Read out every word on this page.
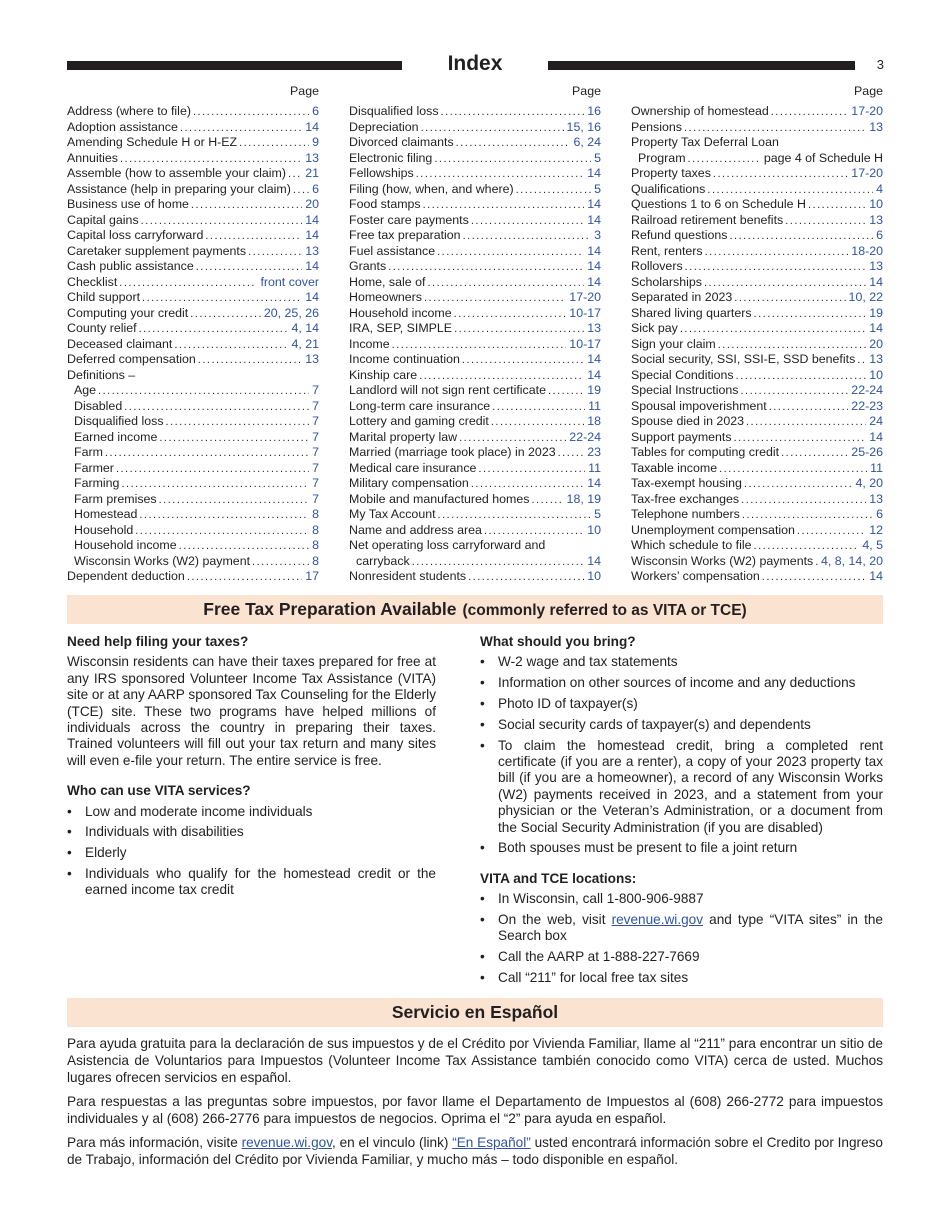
Index	3
Page
Address (where to file) .....	6
Adoption assistance .....	14
Amending Schedule H or H-EZ .....	9
Annuities .....	13
Assemble (how to assemble your claim) ..... 21
Assistance (help in preparing your claim) ..... 6
Business use of home .....	20
Capital gains .....	14
Capital loss carryforward .....	14
Caretaker supplement payments .....	13
Cash public assistance .....	14
Checklist .....	front cover
Child support .....	14
Computing your credit .....	20, 25, 26
County relief .....	4, 14
Deceased claimant .....	4, 21
Deferred compensation .....	13
Definitions –
Age .....	7
Disabled .....	7
Disqualified loss .....	7
Earned income .....	7
Farm .....	7
Farmer .....	7
Farming .....	7
Farm premises .....	7
Homestead .....	8
Household .....	8
Household income .....	8
Wisconsin Works (W2) payment .....	8
Dependent deduction .....	17
Page
Disqualified loss .....	16
Depreciation .....	15, 16
Divorced claimants .....	6, 24
Electronic filing .....	5
Fellowships .....	14
Filing (how, when, and where) .....	5
Food stamps .....	14
Foster care payments .....	14
Free tax preparation .....	3
Fuel assistance .....	14
Grants .....	14
Home, sale of .....	14
Homeowners .....	17-20
Household income .....	10-17
IRA, SEP, SIMPLE .....	13
Income .....	10-17
Income continuation .....	14
Kinship care .....	14
Landlord will not sign rent certificate .....	19
Long-term care insurance .....	11
Lottery and gaming credit .....	18
Marital property law .....	22-24
Married (marriage took place) in 2023 .....	23
Medical care insurance .....	11
Military compensation .....	14
Mobile and manufactured homes .....	18, 19
My Tax Account .....	5
Name and address area .....	10
Net operating loss carryforward and
carryback .....	14
Nonresident students .....	10
Page
Ownership of homestead .....	17-20
Pensions .....	13
Property Tax Deferral Loan
Program .....	page 4 of Schedule H
Property taxes .....	17-20
Qualifications .....	4
Questions 1 to 6 on Schedule H .....	10
Railroad retirement benefits .....	13
Refund questions .....	6
Rent, renters .....	18-20
Rollovers .....	13
Scholarships .....	14
Separated in 2023 .....	10, 22
Shared living quarters .....	19
Sick pay .....	14
Sign your claim .....	20
Social security, SSI, SSI-E, SSD benefits ..... 13
Special Conditions .....	10
Special Instructions .....	22-24
Spousal impoverishment .....	22-23
Spouse died in 2023 .....	24
Support payments .....	14
Tables for computing credit .....	25-26
Taxable income .....	11
Tax-exempt housing .....	4, 20
Tax-free exchanges .....	13
Telephone numbers .....	6
Unemployment compensation .....	12
Which schedule to file .....	4, 5
Wisconsin Works (W2) payments ..... 4, 8, 14, 20
Workers’ compensation .....	14
Free Tax Preparation Available (commonly referred to as VITA or TCE)
Need help filing your taxes?

Wisconsin residents can have their taxes prepared for free at any IRS sponsored Volunteer Income Tax Assistance (VITA) site or at any AARP sponsored Tax Counseling for the Elderly (TCE) site. These two programs have helped millions of individuals across the country in preparing their taxes. Trained volunteers will fill out your tax return and many sites will even e-file your return. The entire service is free.

Who can use VITA services?
• Low and moderate income individuals
• Individuals with disabilities
• Elderly
• Individuals who qualify for the homestead credit or the earned income tax credit
What should you bring?
• W-2 wage and tax statements
• Information on other sources of income and any deductions
• Photo ID of taxpayer(s)
• Social security cards of taxpayer(s) and dependents
• To claim the homestead credit, bring a completed rent certificate (if you are a renter), a copy of your 2023 property tax bill (if you are a homeowner), a record of any Wisconsin Works (W2) payments received in 2023, and a statement from your physician or the Veteran’s Administration, or a document from the Social Security Administration (if you are disabled)
• Both spouses must be present to file a joint return
VITA and TCE locations:
• In Wisconsin, call 1-800-906-9887
• On the web, visit revenue.wi.gov and type “VITA sites” in the Search box
• Call the AARP at 1-888-227-7669
• Call “211” for local free tax sites
Servicio en Español

Para ayuda gratuita para la declaración de sus impuestos y de el Crédito por Vivienda Familiar, llame al “211” para encontrar un sitio de Asistencia de Voluntarios para Impuestos (Volunteer Income Tax Assistance también conocido como VITA) cerca de usted. Muchos lugares ofrecen servicios en español.

Para respuestas a las preguntas sobre impuestos, por favor llame el Departamento de Impuestos al (608) 266-2772 para impuestos individuales y al (608) 266-2776 para impuestos de negocios. Oprima el “2” para ayuda en español.

Para más información, visite revenue.wi.gov, en el vinculo (link) “En Español” usted encontrará información sobre el Credito por Ingreso de Trabajo, información del Crédito por Vivienda Familiar, y mucho más – todo disponible en español.
